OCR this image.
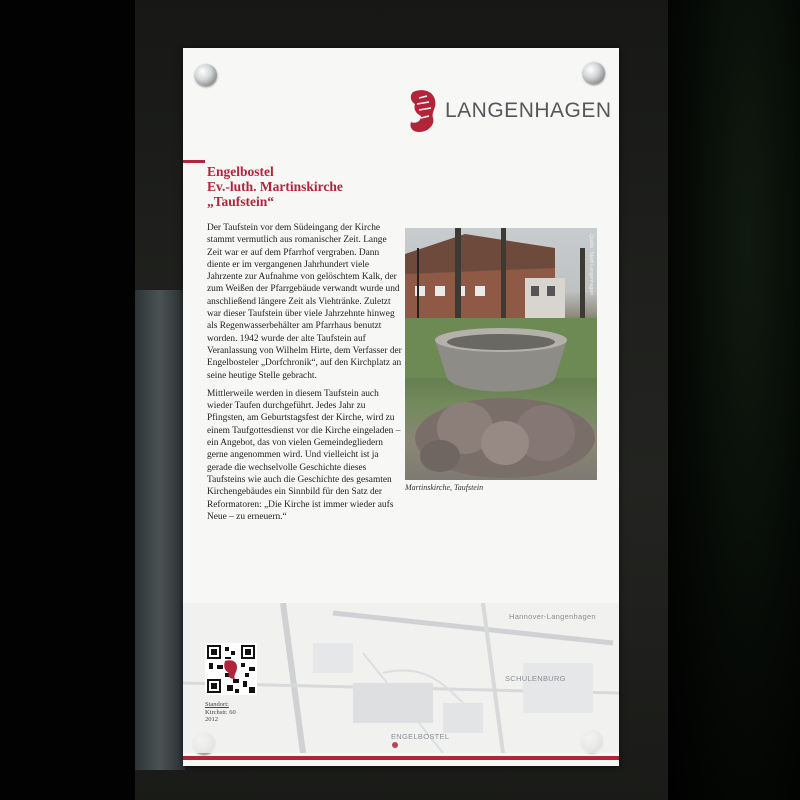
LANGENHAGEN
Engelbostel
Ev.-luth. Martinskirche
„Taufstein“

Der Taufstein vor dem Südeingang der Kirche stammt vermutlich aus romanischer Zeit. Lange Zeit war er auf dem Pfarrhof vergraben. Dann diente er im vergangenen Jahrhundert viele Jahrzente zur Aufnahme von gelöschtem Kalk, der zum Weißen der Pfarrgebäude verwandt wurde und anschließend längere Zeit als Viehtränke. Zuletzt war dieser Taufstein über viele Jahrzehnte hinweg als Regenwasserbehälter am Pfarrhaus benutzt worden. 1942 wurde der alte Taufstein auf Veranlassung von Wilhelm Hirte, dem Verfasser der Engelbosteler „Dorfchronik“, auf den Kirchplatz an seine heutige Stelle gebracht.

Mittlerweile werden in diesem Taufstein auch wieder Taufen durchgeführt. Jedes Jahr zu Pfingsten, am Geburtstagsfest der Kirche, wird zu einem Taufgottesdienst vor die Kirche eingeladen – ein Angebot, das von vielen Gemeindegliedern gerne angenommen wird. Und vielleicht ist ja gerade die wechselvolle Geschichte dieses Taufsteins wie auch die Geschichte des gesamten Kirchengebäudes ein Sinnbild für den Satz der Reformatoren: „Die Kirche ist immer wieder aufs Neue – zu erneuern.“

Quelle: Stadt Langenhagen
Martinskirche, Taufstein
Hannover-Langenhagen
SCHULENBURG
ENGELBOSTEL
Standort:
Kirchstr. 60
2012
